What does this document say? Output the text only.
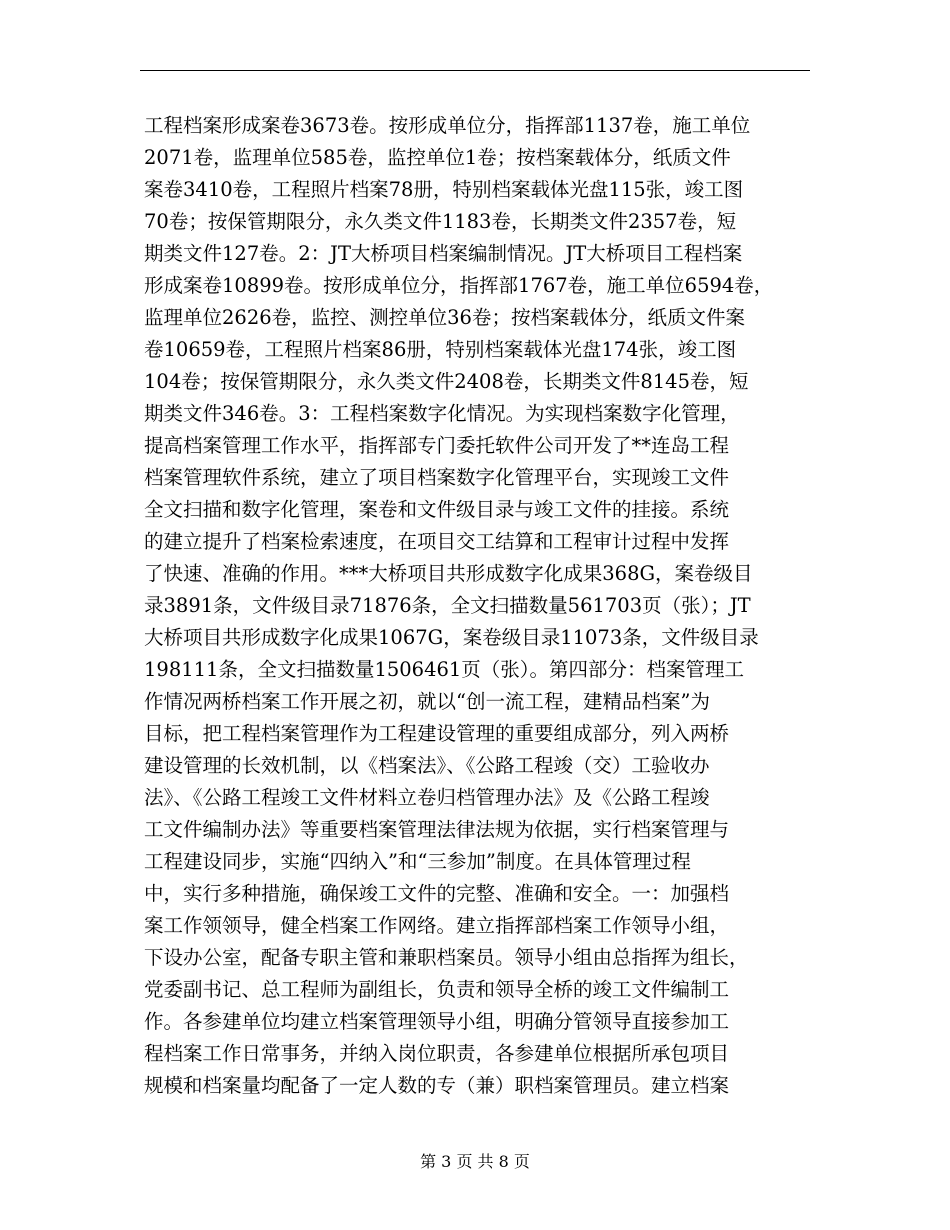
工程档案形成案卷3673卷。按形成单位分，指挥部1137卷，施工单位
2071卷，监理单位585卷，监控单位1卷；按档案载体分，纸质文件
案卷3410卷，工程照片档案78册，特别档案载体光盘115张，竣工图
70卷；按保管期限分，永久类文件1183卷，长期类文件2357卷，短
期类文件127卷。2：JT大桥项目档案编制情况。JT大桥项目工程档案
形成案卷10899卷。按形成单位分，指挥部1767卷，施工单位6594卷，
监理单位2626卷，监控、测控单位36卷；按档案载体分，纸质文件案
卷10659卷，工程照片档案86册，特别档案载体光盘174张，竣工图
104卷；按保管期限分，永久类文件2408卷，长期类文件8145卷，短
期类文件346卷。3：工程档案数字化情况。为实现档案数字化管理，
提高档案管理工作水平，指挥部专门委托软件公司开发了**连岛工程
档案管理软件系统，建立了项目档案数字化管理平台，实现竣工文件
全文扫描和数字化管理，案卷和文件级目录与竣工文件的挂接。系统
的建立提升了档案检索速度，在项目交工结算和工程审计过程中发挥
了快速、准确的作用。***大桥项目共形成数字化成果368G，案卷级目
录3891条，文件级目录71876条，全文扫描数量561703页（张）；JT
大桥项目共形成数字化成果1067G，案卷级目录11073条，文件级目录
198111条，全文扫描数量1506461页（张）。第四部分：档案管理工
作情况两桥档案工作开展之初，就以“创一流工程，建精品档案”为
目标，把工程档案管理作为工程建设管理的重要组成部分，列入两桥
建设管理的长效机制，以《档案法》、《公路工程竣（交）工验收办
法》、《公路工程竣工文件材料立卷归档管理办法》及《公路工程竣
工文件编制办法》等重要档案管理法律法规为依据，实行档案管理与
工程建设同步，实施“四纳入”和“三参加”制度。在具体管理过程
中，实行多种措施，确保竣工文件的完整、准确和安全。一：加强档
案工作领领导，健全档案工作网络。建立指挥部档案工作领导小组，
下设办公室，配备专职主管和兼职档案员。领导小组由总指挥为组长，
党委副书记、总工程师为副组长，负责和领导全桥的竣工文件编制工
作。各参建单位均建立档案管理领导小组，明确分管领导直接参加工
程档案工作日常事务，并纳入岗位职责，各参建单位根据所承包项目
规模和档案量均配备了一定人数的专（兼）职档案管理员。建立档案
第 3 页 共 8 页
